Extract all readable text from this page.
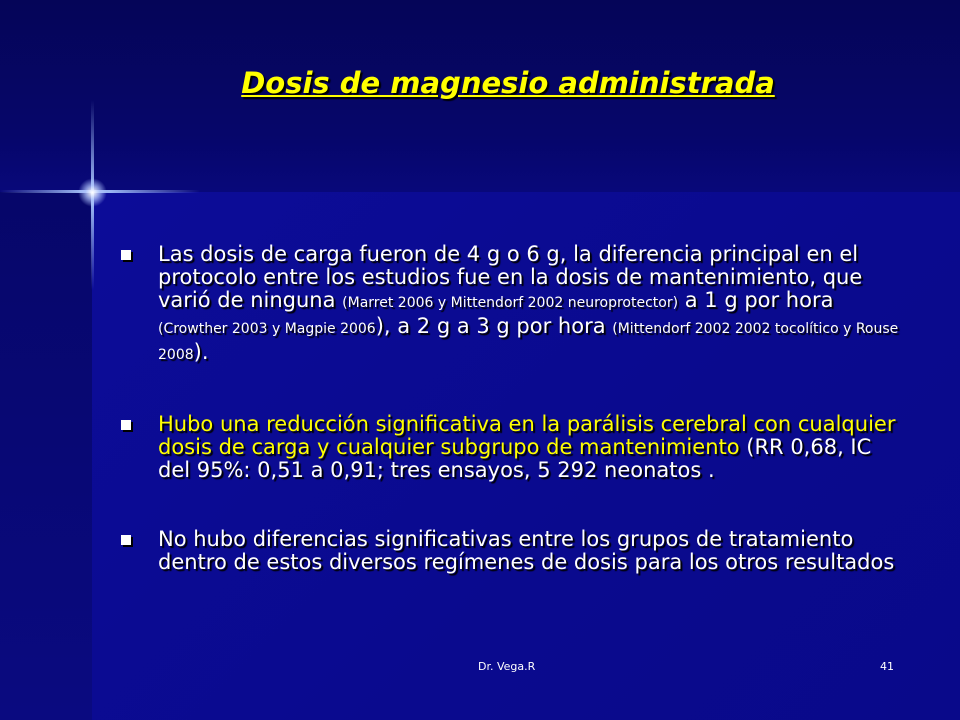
Dosis de magnesio administrada
Las dosis de carga fueron de 4 g o 6 g, la diferencia principal en el protocolo entre los estudios fue en la dosis de mantenimiento, que varió de ninguna (Marret 2006 y Mittendorf 2002 neuroprotector) a 1 g por hora (Crowther 2003 y Magpie 2006), a 2 g a 3 g por hora (Mittendorf 2002 2002 tocolítico y Rouse 2008).
Hubo una reducción significativa en la parálisis cerebral con cualquier dosis de carga y cualquier subgrupo de mantenimiento (RR 0,68, IC del 95%: 0,51 a 0,91; tres ensayos, 5 292 neonatos .
No hubo diferencias significativas entre los grupos de tratamiento dentro de estos diversos regímenes de dosis para los otros resultados
Dr. Vega.R	41
